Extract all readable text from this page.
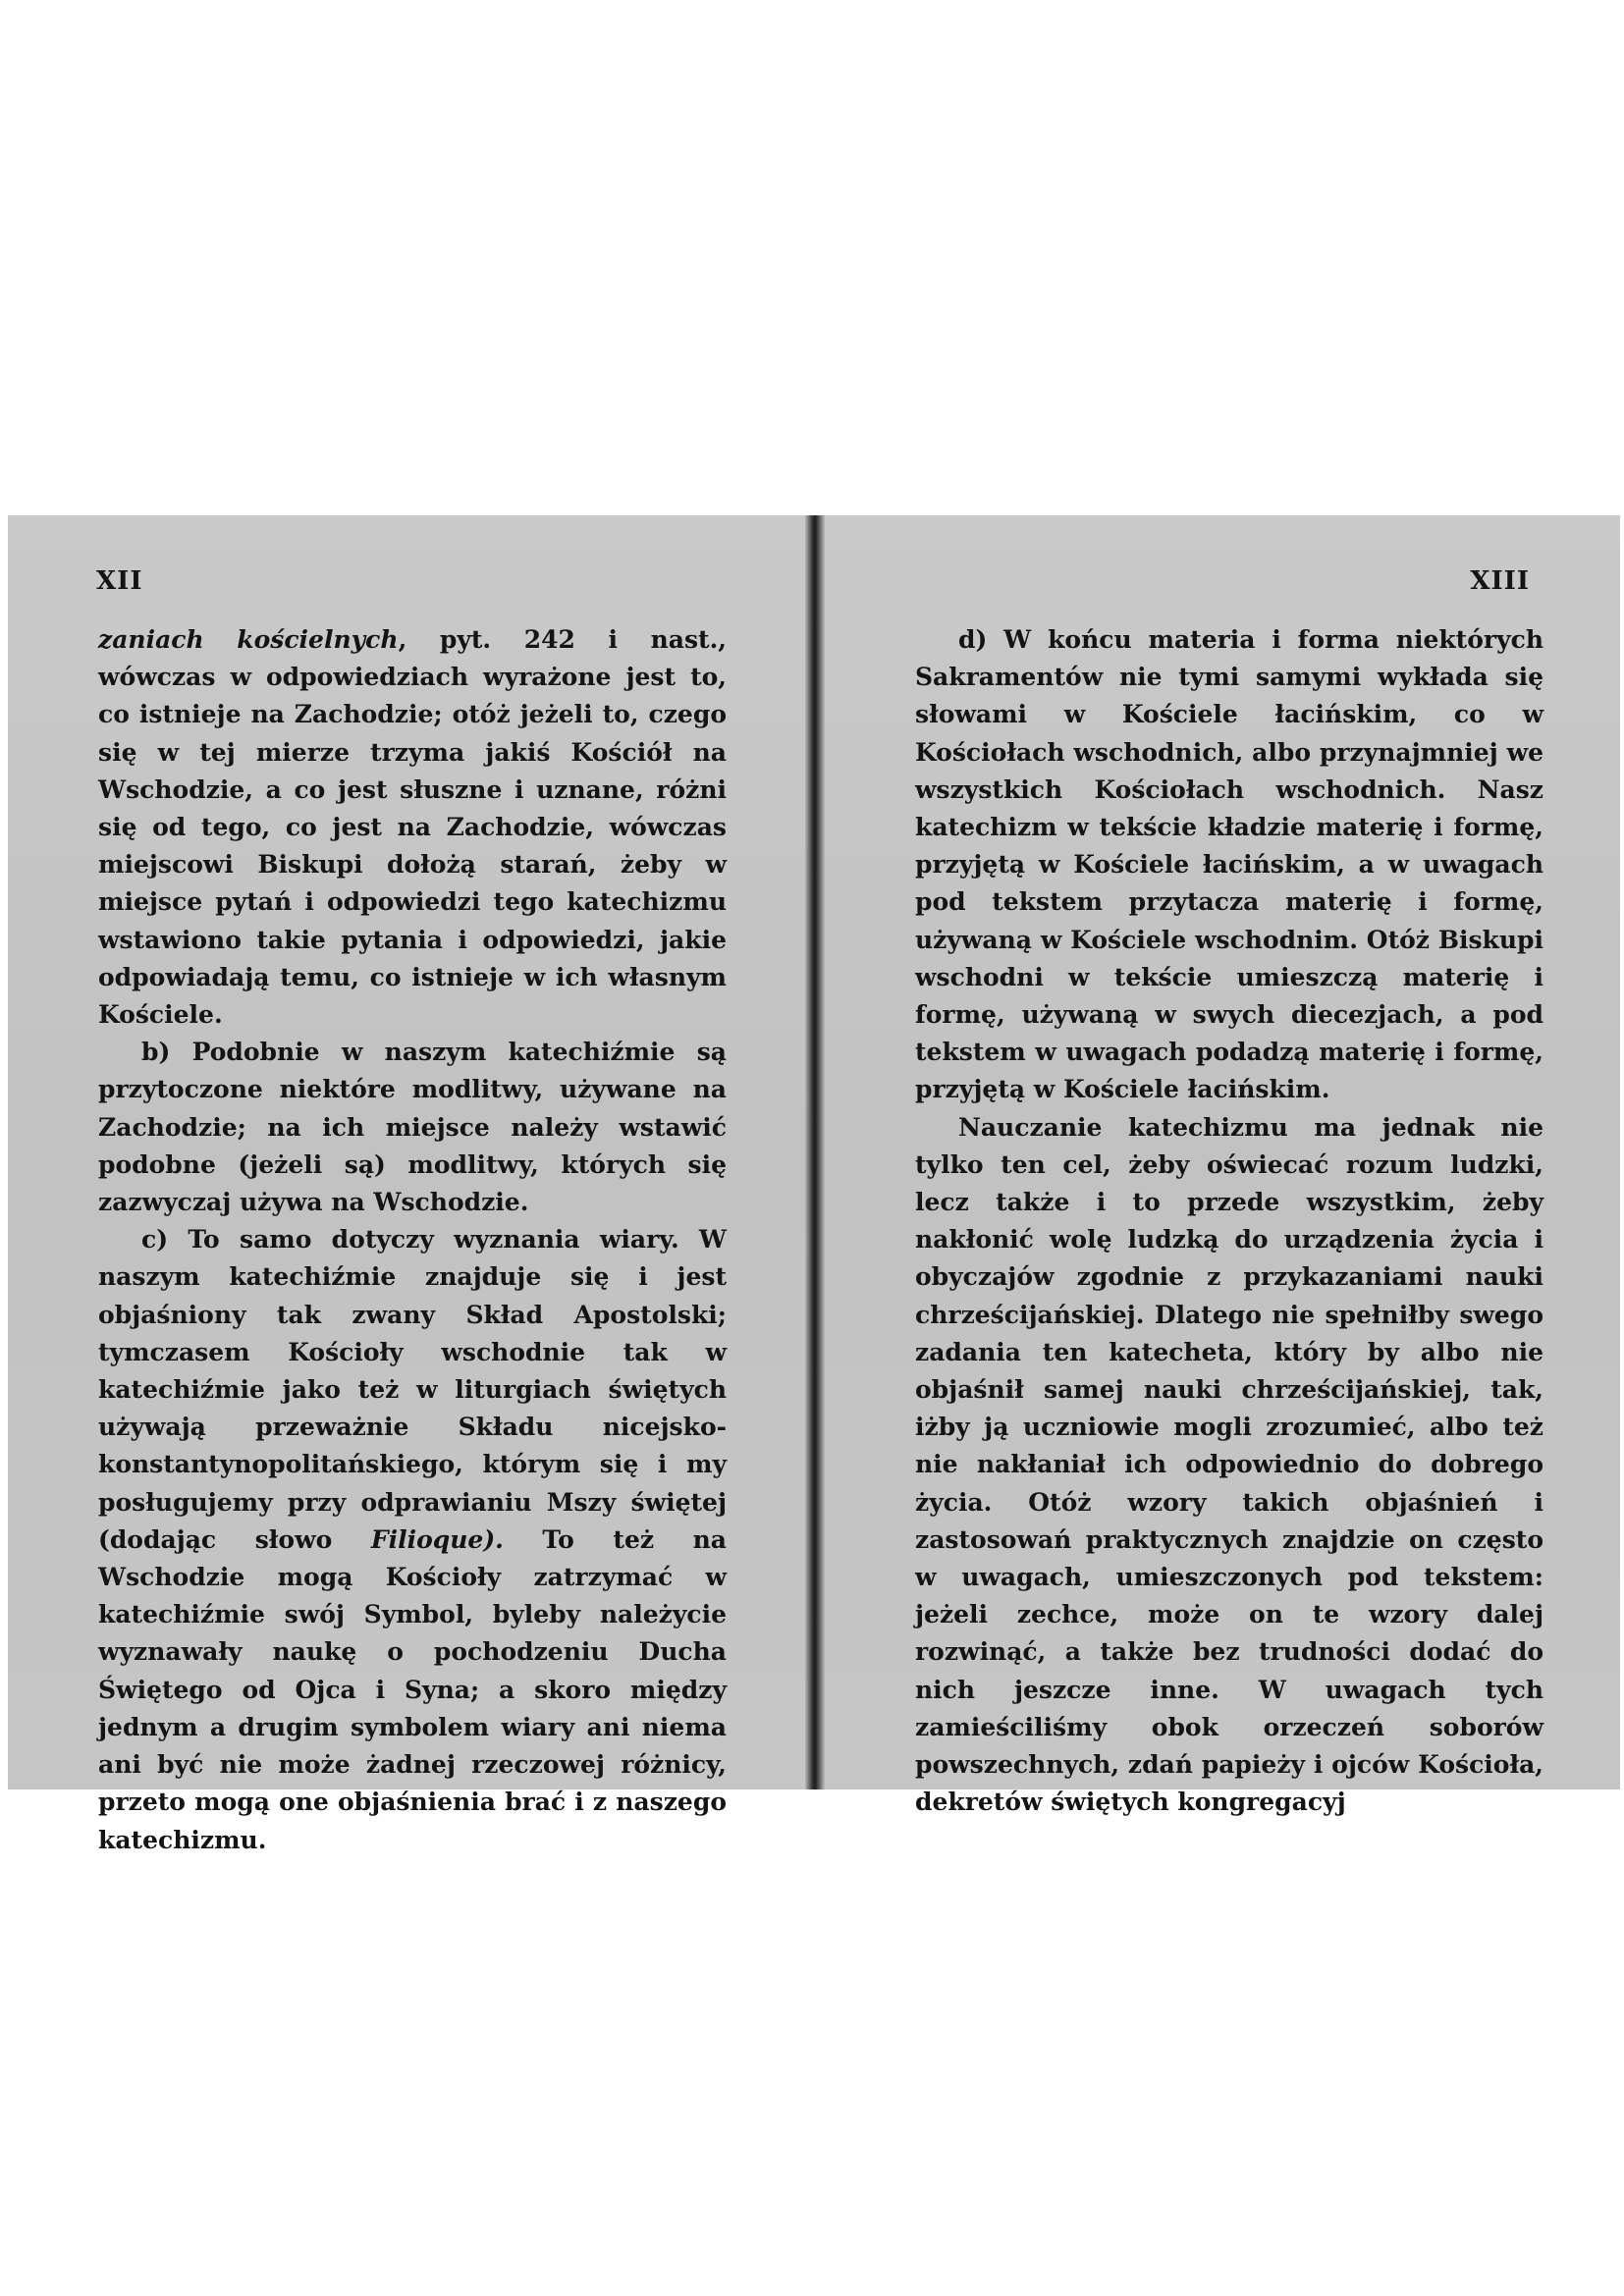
XII

zaniach kościelnych, pyt. 242 i nast., wówczas w odpowiedziach wyrażone jest to, co istnieje na Zachodzie; otóż jeżeli to, czego się w tej mierze trzyma jakiś Kościół na Wschodzie, a co jest słuszne i uznane, różni się od tego, co jest na Zachodzie, wówczas miejscowi Biskupi dołożą starań, żeby w miejsce pytań i odpowiedzi tego katechizmu wstawiono takie pytania i odpowiedzi, jakie odpowiadają temu, co istnieje w ich własnym Kościele.

b) Podobnie w naszym katechiźmie są przytoczone niektóre modlitwy, używane na Zachodzie; na ich miejsce należy wstawić podobne (jeżeli są) modlitwy, których się zazwyczaj używa na Wschodzie.

c) To samo dotyczy wyznania wiary. W naszym katechiźmie znajduje się i jest objaśniony tak zwany Skład Apostolski; tymczasem Kościoły wschodnie tak w katechiźmie jako też w liturgiach świętych używają przeważnie Składu nicejsko-konstantynopolitańskiego, którym się i my posługujemy przy odprawianiu Mszy świętej (dodając słowo Filioque). To też na Wschodzie mogą Kościoły zatrzymać w katechiźmie swój Symbol, byleby należycie wyznawały naukę o pochodzeniu Ducha Świętego od Ojca i Syna; a skoro między jednym a drugim symbolem wiary ani niema ani być nie może żadnej rzeczowej różnicy, przeto mogą one objaśnienia brać i z naszego katechizmu.

XIII

d) W końcu materia i forma niektórych Sakramentów nie tymi samymi wykłada się słowami w Kościele łacińskim, co w Kościołach wschodnich, albo przynajmniej we wszystkich Kościołach wschodnich. Nasz katechizm w tekście kładzie materię i formę, przyjętą w Kościele łacińskim, a w uwagach pod tekstem przytacza materię i formę, używaną w Kościele wschodnim. Otóż Biskupi wschodni w tekście umieszczą materię i formę, używaną w swych diecezjach, a pod tekstem w uwagach podadzą materię i formę, przyjętą w Kościele łacińskim.

Nauczanie katechizmu ma jednak nie tylko ten cel, żeby oświecać rozum ludzki, lecz także i to przede wszystkim, żeby nakłonić wolę ludzką do urządzenia życia i obyczajów zgodnie z przykazaniami nauki chrześcijańskiej. Dlatego nie spełniłby swego zadania ten katecheta, który by albo nie objaśnił samej nauki chrześcijańskiej, tak, iżby ją uczniowie mogli zrozumieć, albo też nie nakłaniał ich odpowiednio do dobrego życia. Otóż wzory takich objaśnień i zastosowań praktycznych znajdzie on często w uwagach, umieszczonych pod tekstem: jeżeli zechce, może on te wzory dalej rozwinąć, a także bez trudności dodać do nich jeszcze inne. W uwagach tych zamieściliśmy obok orzeczeń soborów powszechnych, zdań papieży i ojców Kościoła, dekretów świętych kongregacyj
